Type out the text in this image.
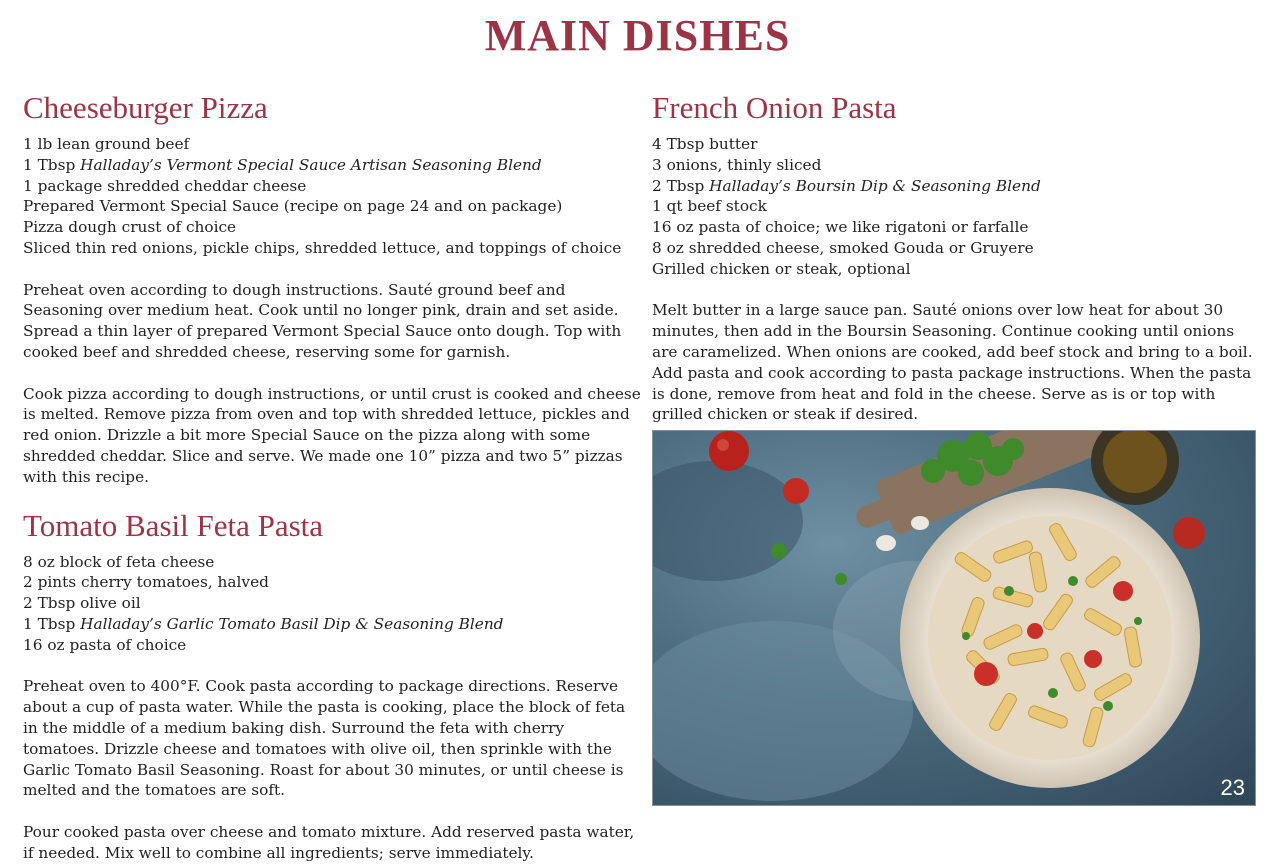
MAIN DISHES
Cheeseburger Pizza
1 lb lean ground beef
1 Tbsp Halladay’s Vermont Special Sauce Artisan Seasoning Blend
1 package shredded cheddar cheese
Prepared Vermont Special Sauce (recipe on page 24 and on package)
Pizza dough crust of choice
Sliced thin red onions, pickle chips, shredded lettuce, and toppings of choice

Preheat oven according to dough instructions. Sauté ground beef and Seasoning over medium heat. Cook until no longer pink, drain and set aside. Spread a thin layer of prepared Vermont Special Sauce onto dough. Top with cooked beef and shredded cheese, reserving some for garnish.

Cook pizza according to dough instructions, or until crust is cooked and cheese is melted. Remove pizza from oven and top with shredded lettuce, pickles and red onion. Drizzle a bit more Special Sauce on the pizza along with some shredded cheddar. Slice and serve. We made one 10” pizza and two 5” pizzas with this recipe.

Tomato Basil Feta Pasta
8 oz block of feta cheese
2 pints cherry tomatoes, halved
2 Tbsp olive oil
1 Tbsp Halladay’s Garlic Tomato Basil Dip & Seasoning Blend
16 oz pasta of choice

Preheat oven to 400°F. Cook pasta according to package directions. Reserve about a cup of pasta water. While the pasta is cooking, place the block of feta in the middle of a medium baking dish. Surround the feta with cherry tomatoes. Drizzle cheese and tomatoes with olive oil, then sprinkle with the Garlic Tomato Basil Seasoning. Roast for about 30 minutes, or until cheese is melted and the tomatoes are soft.

Pour cooked pasta over cheese and tomato mixture. Add reserved pasta water, if needed. Mix well to combine all ingredients; serve immediately.

French Onion Pasta
4 Tbsp butter
3 onions, thinly sliced
2 Tbsp Halladay’s Boursin Dip & Seasoning Blend
1 qt beef stock
16 oz pasta of choice; we like rigatoni or farfalle
8 oz shredded cheese, smoked Gouda or Gruyere
Grilled chicken or steak, optional

Melt butter in a large sauce pan. Sauté onions over low heat for about 30 minutes, then add in the Boursin Seasoning. Continue cooking until onions are caramelized. When onions are cooked, add beef stock and bring to a boil. Add pasta and cook according to pasta package instructions. When the pasta is done, remove from heat and fold in the cheese. Serve as is or top with grilled chicken or steak if desired.

23
